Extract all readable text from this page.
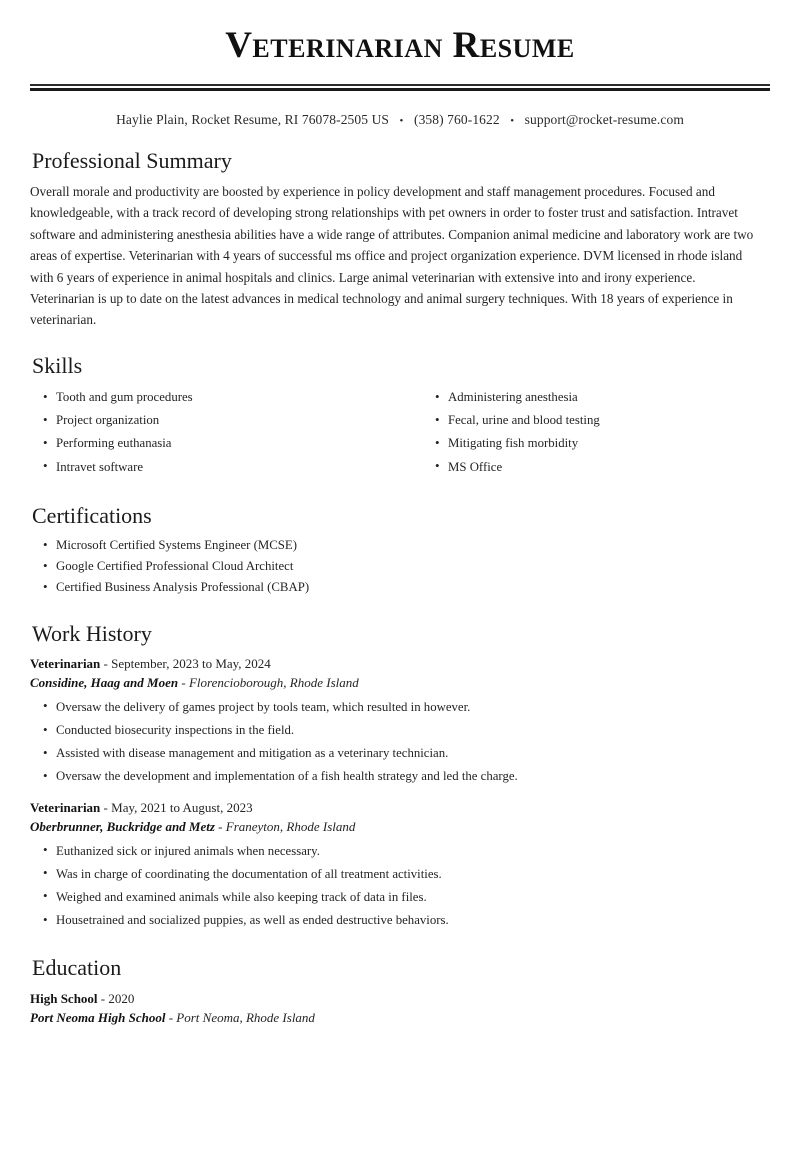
Veterinarian Resume
Haylie Plain, Rocket Resume, RI 76078-2505 US • (358) 760-1622 • support@rocket-resume.com
Professional Summary

Overall morale and productivity are boosted by experience in policy development and staff management procedures. Focused and knowledgeable, with a track record of developing strong relationships with pet owners in order to foster trust and satisfaction. Intravet software and administering anesthesia abilities have a wide range of attributes. Companion animal medicine and laboratory work are two areas of expertise. Veterinarian with 4 years of successful ms office and project organization experience. DVM licensed in rhode island with 6 years of experience in animal hospitals and clinics. Large animal veterinarian with extensive into and irony experience. Veterinarian is up to date on the latest advances in medical technology and animal surgery techniques. With 18 years of experience in veterinarian.

Skills
• Tooth and gum procedures
• Project organization
• Performing euthanasia
• Intravet software
• Administering anesthesia
• Fecal, urine and blood testing
• Mitigating fish morbidity
• MS Office
Certifications
• Microsoft Certified Systems Engineer (MCSE)
• Google Certified Professional Cloud Architect
• Certified Business Analysis Professional (CBAP)
Work History
Veterinarian - September, 2023 to May, 2024
Considine, Haag and Moen - Florencioborough, Rhode Island
• Oversaw the delivery of games project by tools team, which resulted in however.
• Conducted biosecurity inspections in the field.
• Assisted with disease management and mitigation as a veterinary technician.
• Oversaw the development and implementation of a fish health strategy and led the charge.
Veterinarian - May, 2021 to August, 2023
Oberbrunner, Buckridge and Metz - Franeyton, Rhode Island
• Euthanized sick or injured animals when necessary.
• Was in charge of coordinating the documentation of all treatment activities.
• Weighed and examined animals while also keeping track of data in files.
• Housetrained and socialized puppies, as well as ended destructive behaviors.
Education
High School - 2020
Port Neoma High School - Port Neoma, Rhode Island
